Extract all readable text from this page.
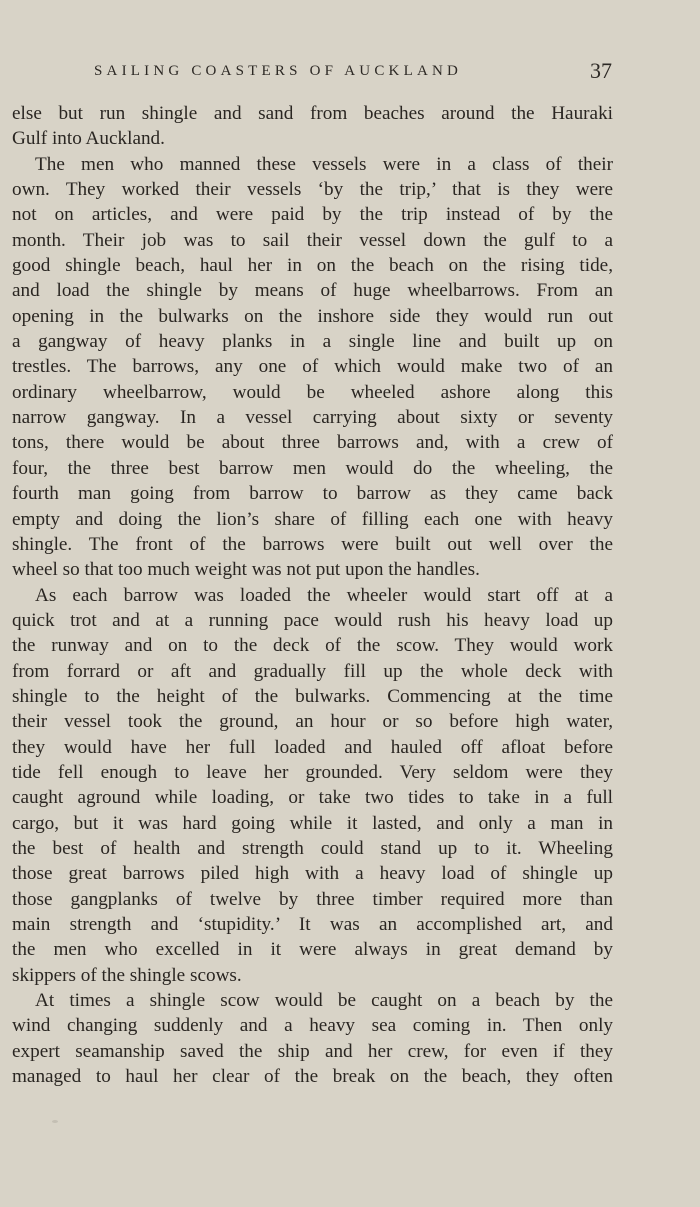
SAILING COASTERS OF AUCKLAND	37
else but run shingle and sand from beaches around the Hauraki
Gulf into Auckland.
The men who manned these vessels were in a class of their
own. They worked their vessels ‘by the trip,’ that is they were
not on articles, and were paid by the trip instead of by the
month. Their job was to sail their vessel down the gulf to a
good shingle beach, haul her in on the beach on the rising tide,
and load the shingle by means of huge wheelbarrows. From an
opening in the bulwarks on the inshore side they would run out
a gangway of heavy planks in a single line and built up on
trestles. The barrows, any one of which would make two of an
ordinary wheelbarrow, would be wheeled ashore along this
narrow gangway. In a vessel carrying about sixty or seventy
tons, there would be about three barrows and, with a crew of
four, the three best barrow men would do the wheeling, the
fourth man going from barrow to barrow as they came back
empty and doing the lion’s share of filling each one with heavy
shingle. The front of the barrows were built out well over the
wheel so that too much weight was not put upon the handles.
As each barrow was loaded the wheeler would start off at a
quick trot and at a running pace would rush his heavy load up
the runway and on to the deck of the scow. They would work
from forrard or aft and gradually fill up the whole deck with
shingle to the height of the bulwarks. Commencing at the time
their vessel took the ground, an hour or so before high water,
they would have her full loaded and hauled off afloat before
tide fell enough to leave her grounded. Very seldom were they
caught aground while loading, or take two tides to take in a full
cargo, but it was hard going while it lasted, and only a man in
the best of health and strength could stand up to it. Wheeling
those great barrows piled high with a heavy load of shingle up
those gangplanks of twelve by three timber required more than
main strength and ‘stupidity.’ It was an accomplished art, and
the men who excelled in it were always in great demand by
skippers of the shingle scows.
At times a shingle scow would be caught on a beach by the
wind changing suddenly and a heavy sea coming in. Then only
expert seamanship saved the ship and her crew, for even if they
managed to haul her clear of the break on the beach, they often
